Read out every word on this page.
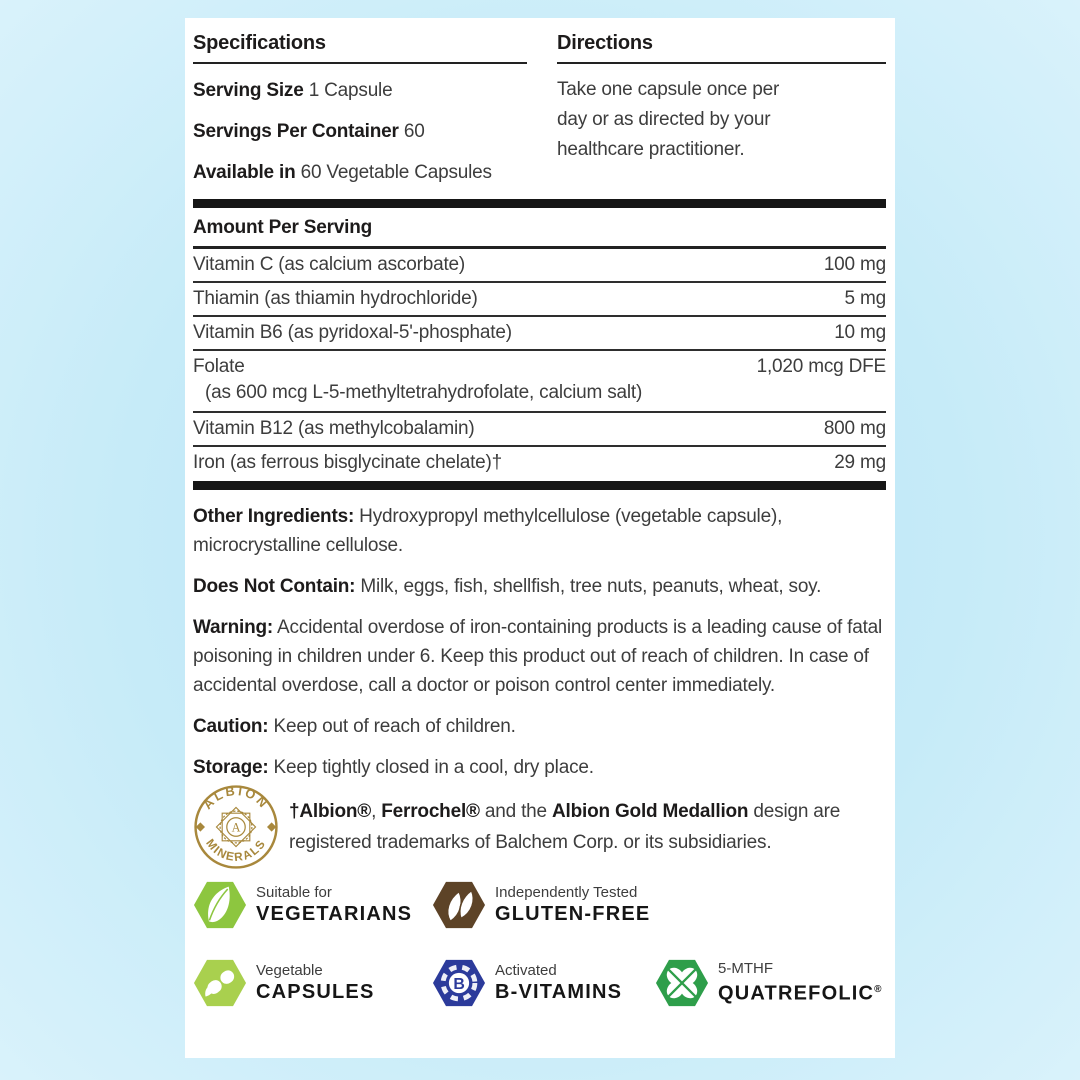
Specifications
Serving Size 1 Capsule
Servings Per Container 60
Available in 60 Vegetable Capsules
Directions
Take one capsule once per day or as directed by your healthcare practitioner.
Amount Per Serving
Vitamin C (as calcium ascorbate)	100 mg
Thiamin (as thiamin hydrochloride)	5 mg
Vitamin B6 (as pyridoxal-5'-phosphate)	10 mg
Folate	1,020 mcg DFE
(as 600 mcg L-5-methyltetrahydrofolate, calcium salt)
Vitamin B12 (as methylcobalamin)	800 mg
Iron (as ferrous bisglycinate chelate)†	29 mg
Other Ingredients: Hydroxypropyl methylcellulose (vegetable capsule), microcrystalline cellulose.
Does Not Contain: Milk, eggs, fish, shellfish, tree nuts, peanuts, wheat, soy.
Warning: Accidental overdose of iron-containing products is a leading cause of fatal poisoning in children under 6. Keep this product out of reach of children. In case of accidental overdose, call a doctor or poison control center immediately.
Caution: Keep out of reach of children.
Storage: Keep tightly closed in a cool, dry place.
ALBION
MINERALS
A
†Albion®, Ferrochel® and the Albion Gold Medallion design are registered trademarks of Balchem Corp. or its subsidiaries.
Suitable for
VEGETARIANS
Independently Tested
GLUTEN-FREE
Vegetable
CAPSULES	B
Activated
B-VITAMINS
5-MTHF
QUATREFOLIC®
